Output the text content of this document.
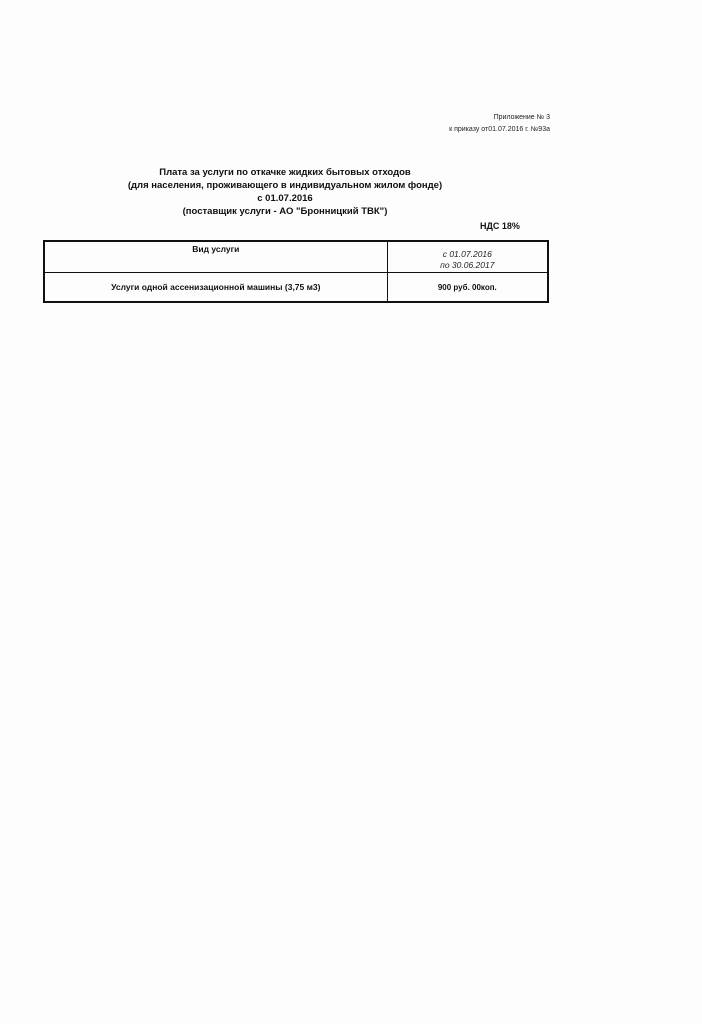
Приложение № 3
к приказу от01.07.2016 г. №93а
Плата за услуги по откачке жидких бытовых отходов
(для населения, проживающего в индивидуальном жилом фонде)
с 01.07.2016
(поставщик услуги - АО "Бронницкий ТВК")
НДС 18%
Вид услуги	с 01.07.2016
по 30.06.2017

Услуги одной ассенизационной машины (3,75 м3)	900 руб. 00коп.
